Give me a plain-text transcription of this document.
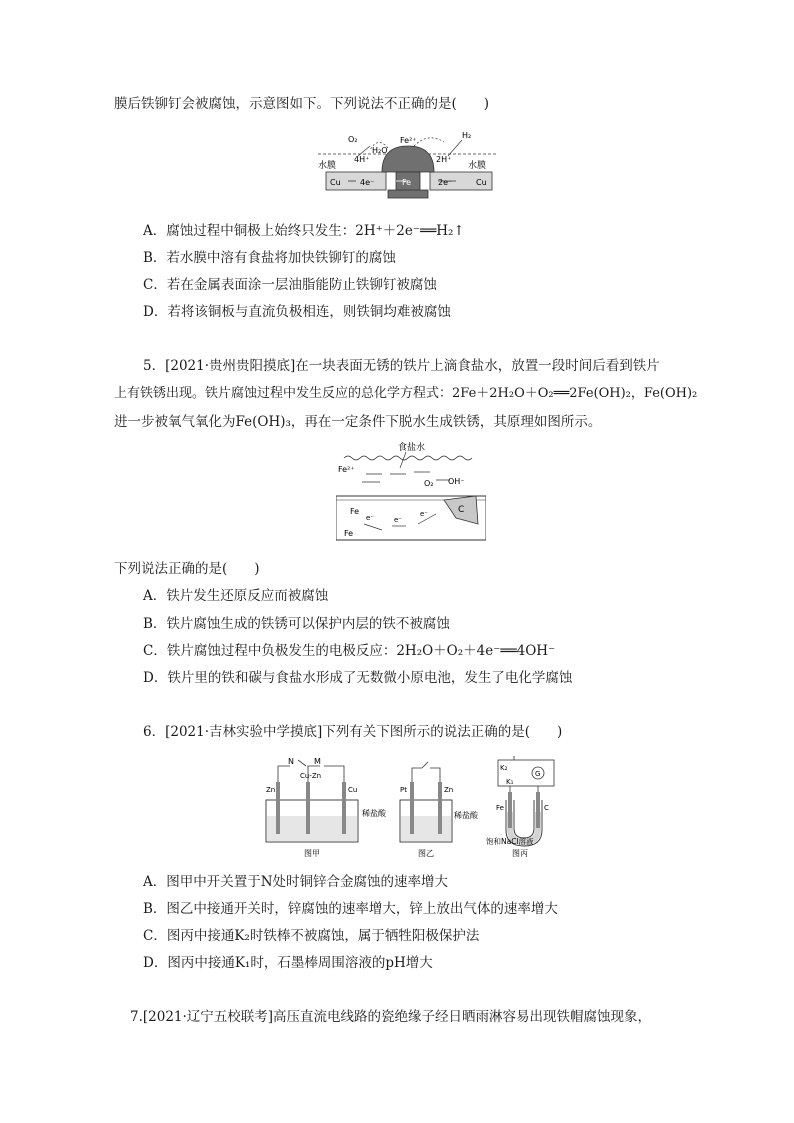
膜后铁铆钉会被腐蚀，示意图如下。下列说法不正确的是(　　)
O₂
4H⁺
H₂O
Fe²⁺
2H⁺
H₂
水膜	水膜
Cu	Cu
4e⁻	Fe	2e⁻
A．腐蚀过程中铜极上始终只发生：2H⁺＋2e⁻══H₂↑
B．若水膜中溶有食盐将加快铁铆钉的腐蚀
C．若在金属表面涂一层油脂能防止铁铆钉被腐蚀
D．若将该铜板与直流负极相连，则铁铜均难被腐蚀
5．[2021·贵州贵阳摸底]在一块表面无锈的铁片上滴食盐水，放置一段时间后看到铁片
上有铁锈出现。铁片腐蚀过程中发生反应的总化学方程式：2Fe＋2H₂O＋O₂══2Fe(OH)₂，Fe(OH)₂
进一步被氧气氧化为Fe(OH)₃，再在一定条件下脱水生成铁锈，其原理如图所示。
食盐水
Fe²⁺
O₂ OH⁻
Fe
Fe
C
e⁻	e⁻
e⁻
下列说法正确的是(　　)
A．铁片发生还原反应而被腐蚀
B．铁片腐蚀生成的铁锈可以保护内层的铁不被腐蚀
C．铁片腐蚀过程中负极发生的电极反应：2H₂O＋O₂＋4e⁻══4OH⁻
D．铁片里的铁和碳与食盐水形成了无数微小原电池，发生了电化学腐蚀
6．[2021·吉林实验中学摸底]下列有关下图所示的说法正确的是(　　)
N	M
Cu-Zn
Zn	Cu
稀盐酸
图甲
Pt	Zn
稀盐酸
图乙
G
K₂
K₁
Fe	C
饱和NaCl溶液
图丙
A．图甲中开关置于N处时铜锌合金腐蚀的速率增大
B．图乙中接通开关时，锌腐蚀的速率增大，锌上放出气体的速率增大
C．图丙中接通K₂时铁棒不被腐蚀，属于牺牲阳极保护法
D．图丙中接通K₁时，石墨棒周围溶液的pH增大
7.[2021·辽宁五校联考]高压直流电线路的瓷绝缘子经日晒雨淋容易出现铁帽腐蚀现象，
